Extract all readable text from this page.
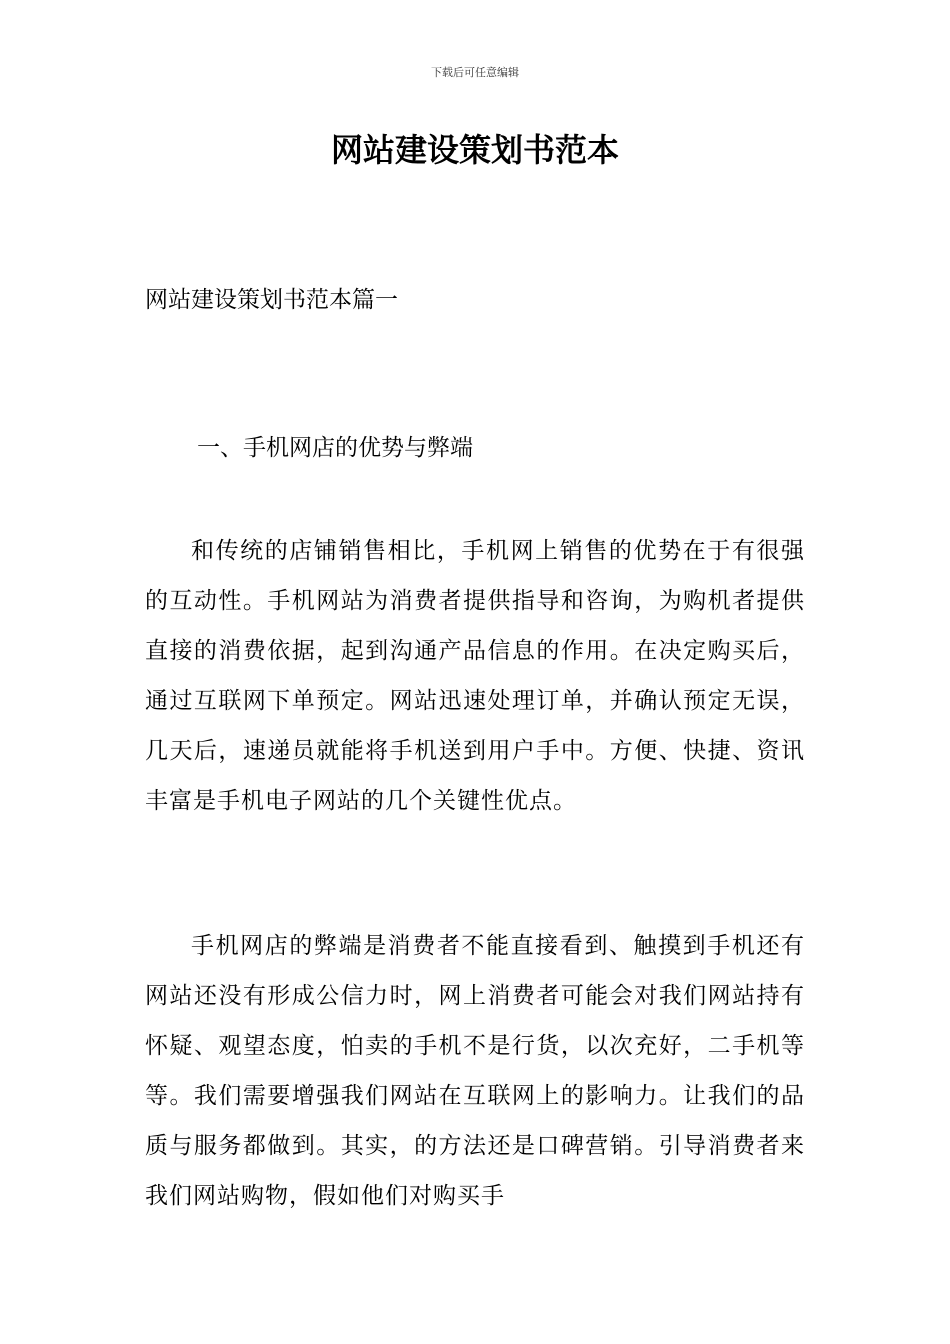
下载后可任意编辑
网站建设策划书范本
网站建设策划书范本篇一
一、手机网店的优势与弊端

和传统的店铺销售相比，手机网上销售的优势在于有很强的互动性。手机网站为消费者提供指导和咨询，为购机者提供直接的消费依据，起到沟通产品信息的作用。在决定购买后，通过互联网下单预定。网站迅速处理订单，并确认预定无误，几天后，速递员就能将手机送到用户手中。方便、快捷、资讯丰富是手机电子网站的几个关键性优点。

手机网店的弊端是消费者不能直接看到、触摸到手机还有网站还没有形成公信力时，网上消费者可能会对我们网站持有怀疑、观望态度，怕卖的手机不是行货，以次充好，二手机等等。我们需要增强我们网站在互联网上的影响力。让我们的品质与服务都做到。其实，的方法还是口碑营销。引导消费者来我们网站购物，假如他们对购买手
